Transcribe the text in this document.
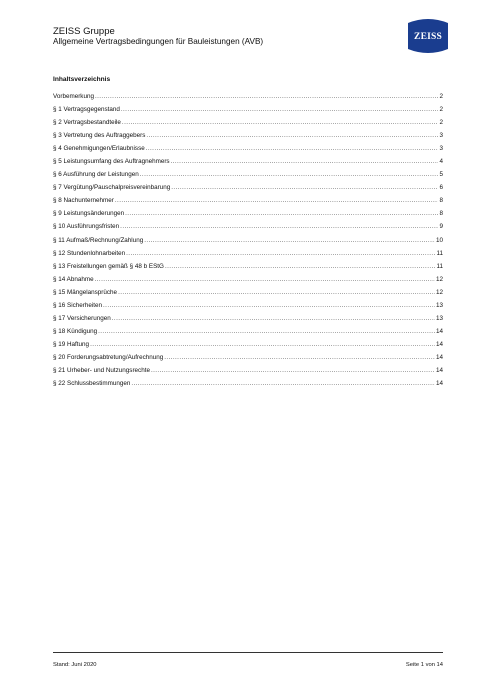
ZEISS Gruppe
Allgemeine Vertragsbedingungen für Bauleistungen (AVB)	ZEISS
Inhaltsverzeichnis
Vorbemerkung .....	2
§ 1 Vertragsgegenstand .....	2
§ 2 Vertragsbestandteile .....	2
§ 3 Vertretung des Auftraggebers .....	3
§ 4 Genehmigungen/Erlaubnisse .....	3
§ 5 Leistungsumfang des Auftragnehmers .....	4
§ 6 Ausführung der Leistungen .....	5
§ 7 Vergütung/Pauschalpreisvereinbarung .....	6
§ 8 Nachunternehmer .....	8
§ 9 Leistungsänderungen .....	8
§ 10 Ausführungsfristen .....	9
§ 11 Aufmaß/Rechnung/Zahlung .....	10
§ 12 Stundenlohnarbeiten .....	11
§ 13 Freistellungen gemäß § 48 b EStG .....	11
§ 14 Abnahme .....	12
§ 15 Mängelansprüche .....	12
§ 16 Sicherheiten .....	13
§ 17 Versicherungen .....	13
§ 18 Kündigung .....	14
§ 19 Haftung .....	14
§ 20 Forderungsabtretung/Aufrechnung .....	14
§ 21 Urheber- und Nutzungsrechte .....	14
§ 22 Schlussbestimmungen .....	14
Stand: Juni 2020	Seite 1 von 14
